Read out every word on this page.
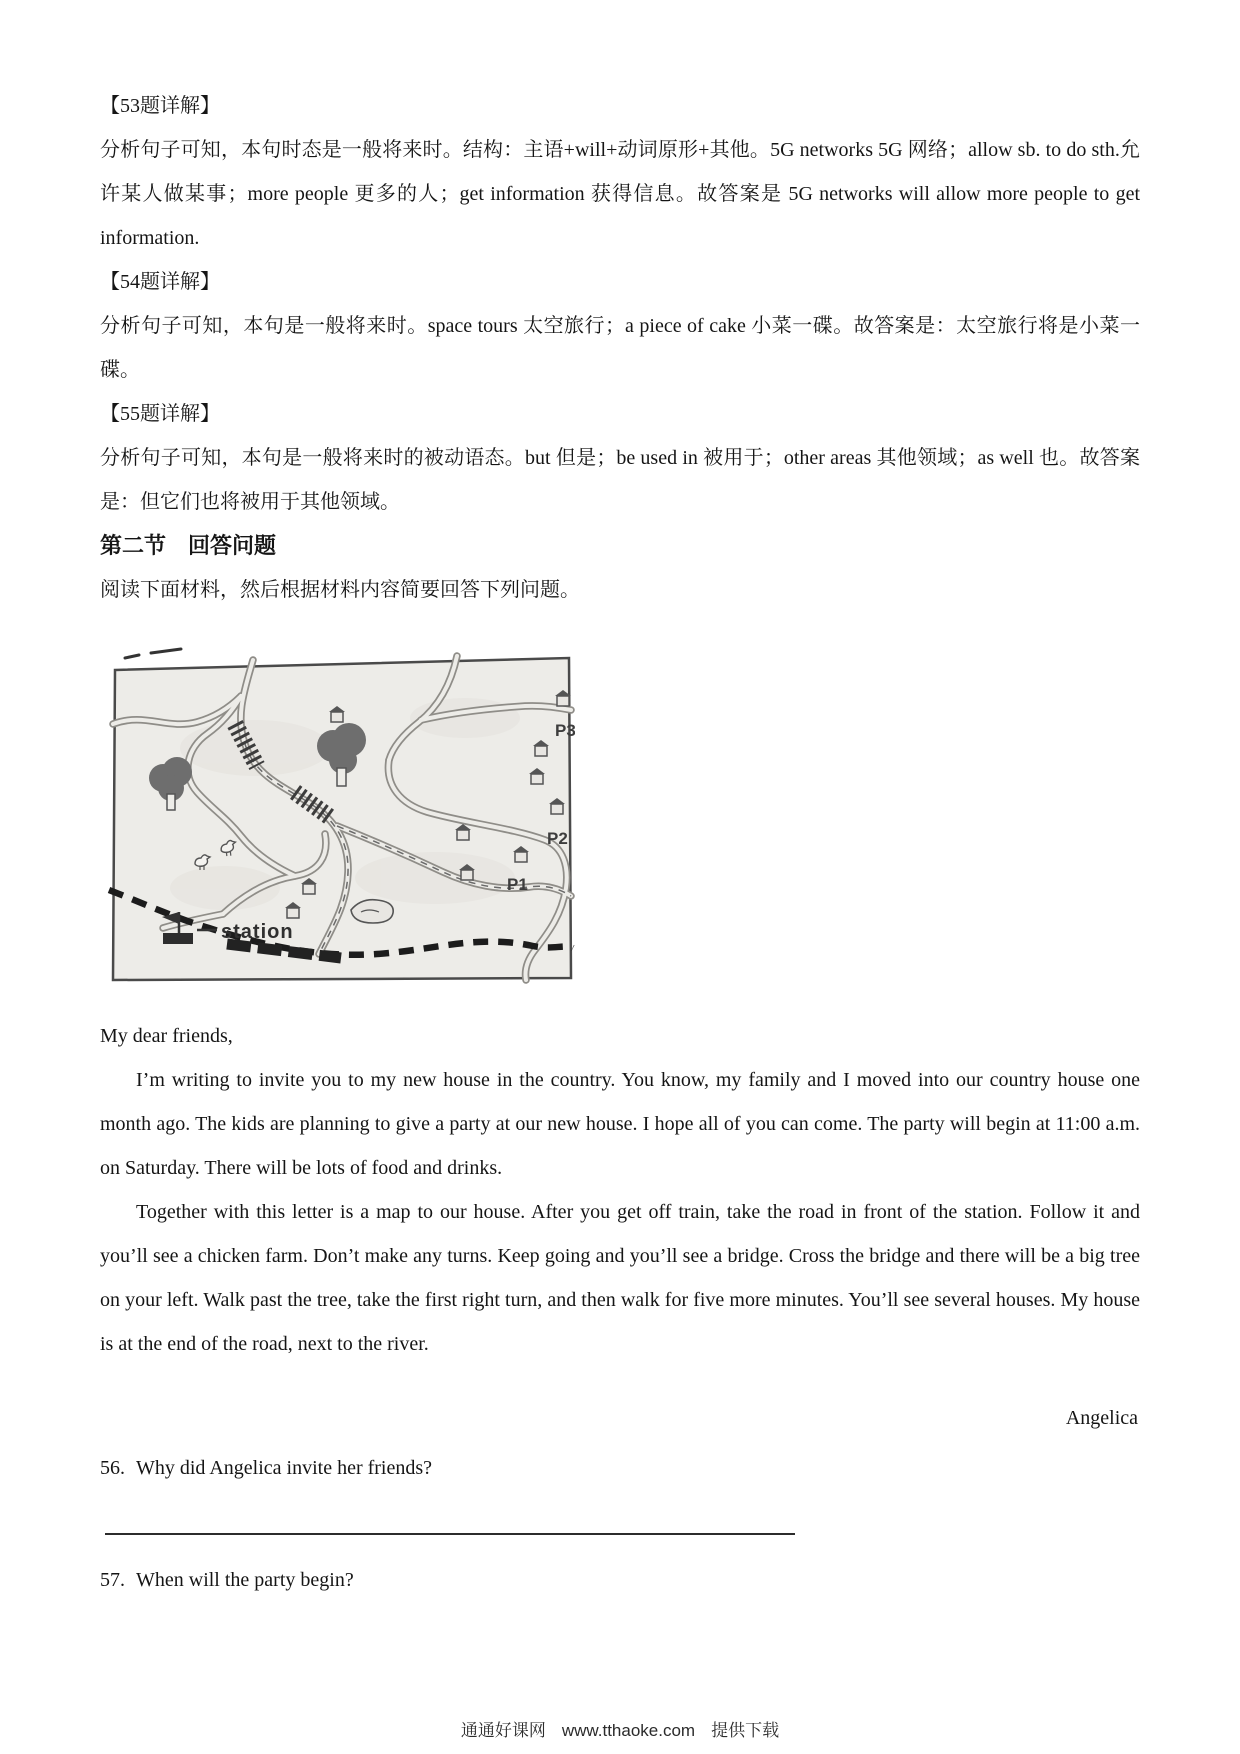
【53题详解】
分析句子可知，本句时态是一般将来时。结构：主语+will+动词原形+其他。5G networks 5G 网络；allow sb. to do sth.允许某人做某事；more people 更多的人；get information 获得信息。故答案是 5G networks will allow more people to get information.
【54题详解】
分析句子可知，本句是一般将来时。space tours 太空旅行；a piece of cake 小菜一碟。故答案是：太空旅行将是小菜一碟。
【55题详解】
分析句子可知，本句是一般将来时的被动语态。but 但是；be used in 被用于；other areas 其他领域；as well 也。故答案是：但它们也将被用于其他领域。
第二节 回答问题
阅读下面材料，然后根据材料内容简要回答下列问题。
station
P3
P2
P1

My dear friends,

I’m writing to invite you to my new house in the country. You know, my family and I moved into our country house one month ago. The kids are planning to give a party at our new house. I hope all of you can come. The party will begin at 11:00 a.m. on Saturday. There will be lots of food and drinks.

Together with this letter is a map to our house. After you get off train, take the road in front of the station. Follow it and you’ll see a chicken farm. Don’t make any turns. Keep going and you’ll see a bridge. Cross the bridge and there will be a big tree on your left. Walk past the tree, take the first right turn, and then walk for five more minutes. You’ll see several houses. My house is at the end of the road, next to the river.

Angelica
56. Why did Angelica invite her friends?
57. When will the party begin?
通通好课网 www.tthaoke.com 提供下载
